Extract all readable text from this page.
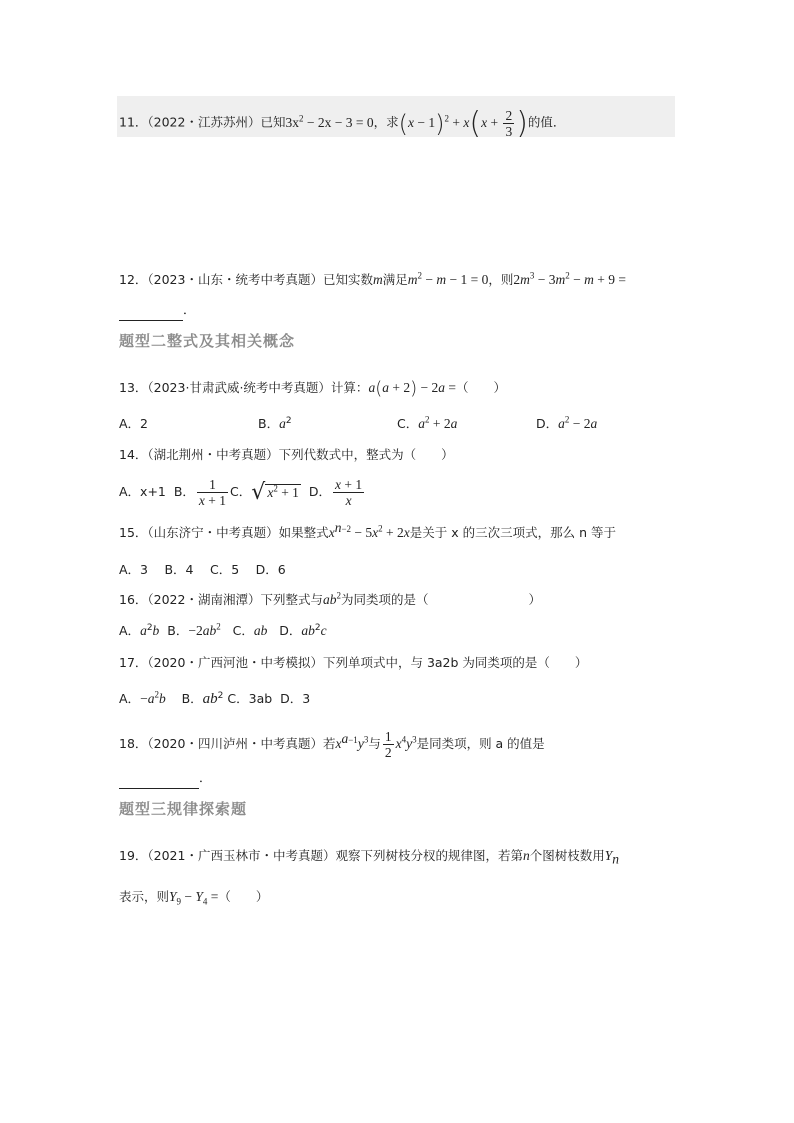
11．（2022・江苏苏州）已知$3x^2 - 2x - 3 = 0$，求$(x - 1)^2 + x(x + \frac{2}{3}$ )的值．
12．（2023・山东・统考中考真题）已知实数m满足$m^2 - m - 1 = 0$，则$2m^3 - 3m^2 - m + 9$ =
．
题型二整式及其相关概念
13．（2023·甘肃武威·统考中考真题）计算：a(a + 2) − 2a =（　　）
A．2	B．$a^2$	C．$a^2 + 2a$	D．$a^2 - 2a$
14．（湖北荆州・中考真题）下列代数式中，整式为（　　）
A．x+1 B． $\frac{1}{x + 1}$ C．√ $x^2 + 1$ D． $\frac{x + 1}{x}$
15．（山东济宁・中考真题）如果整式$x^{n-2} - 5x^2 + 2x$是关于 x 的三次三项式，那么 n 等于
A．3　 B．4　 C．5　 D．6
16．（2022・湖南湘潭）下列整式与$ab^2$为同类项的是（　　　　　　　　）
A．$a^2b$ B．$-2ab^2$ C．ab D．$ab^2c$
17．（2020・广西河池・中考模拟）下列单项式中，与 3a2b 为同类项的是（　　）
A．$-a^2b$ B．$ab^2$ C．3ab D．3
18．（2020・四川泸州・中考真题）若$x^{a-1}y^3$与 $\frac{1}{2} x^4y^3$是同类项，则 a 的值是
．
题型三规律探索题
19．（2021・广西玉林市・中考真题）观察下列树枝分杈的规律图，若第n个图树枝数用$Y_n$
表示，则$Y_9 - Y_4$ =（　　）
